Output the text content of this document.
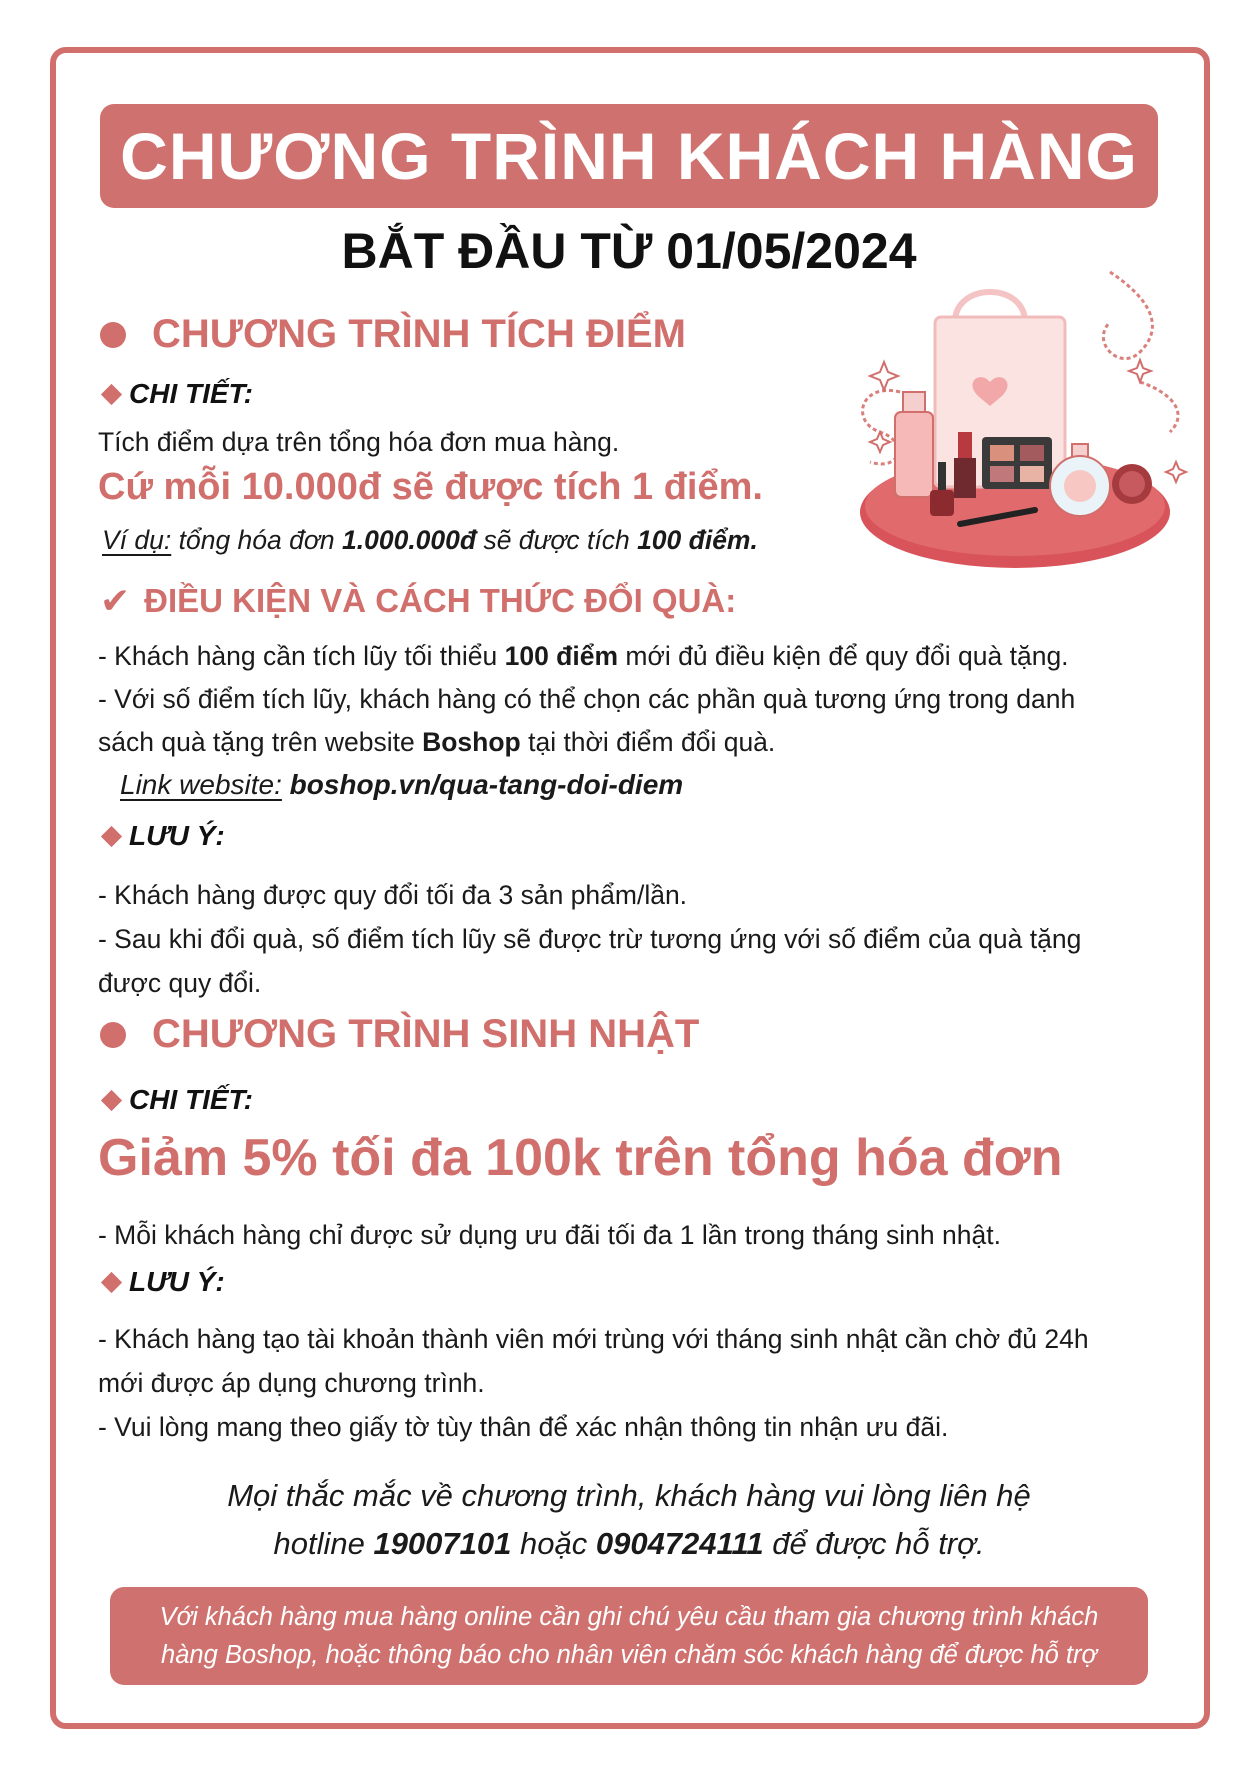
CHƯƠNG TRÌNH KHÁCH HÀNG
BẮT ĐẦU TỪ 01/05/2024
CHƯƠNG TRÌNH TÍCH ĐIỂM
CHI TIẾT:
Tích điểm dựa trên tổng hóa đơn mua hàng.
Cứ mỗi 10.000đ sẽ được tích 1 điểm.
Ví dụ: tổng hóa đơn 1.000.000đ sẽ được tích 100 điểm.
✔ ĐIỀU KIỆN VÀ CÁCH THỨC ĐỔI QUÀ:
- Khách hàng cần tích lũy tối thiểu 100 điểm mới đủ điều kiện để quy đổi quà tặng.
- Với số điểm tích lũy, khách hàng có thể chọn các phần quà tương ứng trong danh
sách quà tặng trên website Boshop tại thời điểm đổi quà.
Link website: boshop.vn/qua-tang-doi-diem
LƯU Ý:
- Khách hàng được quy đổi tối đa 3 sản phẩm/lần.
- Sau khi đổi quà, số điểm tích lũy sẽ được trừ tương ứng với số điểm của quà tặng
được quy đổi.
CHƯƠNG TRÌNH SINH NHẬT
CHI TIẾT:
Giảm 5% tối đa 100k trên tổng hóa đơn
- Mỗi khách hàng chỉ được sử dụng ưu đãi tối đa 1 lần trong tháng sinh nhật.
LƯU Ý:
- Khách hàng tạo tài khoản thành viên mới trùng với tháng sinh nhật cần chờ đủ 24h
mới được áp dụng chương trình.
- Vui lòng mang theo giấy tờ tùy thân để xác nhận thông tin nhận ưu đãi.
Mọi thắc mắc về chương trình, khách hàng vui lòng liên hệ
hotline 19007101 hoặc 0904724111 để được hỗ trợ.
Với khách hàng mua hàng online cần ghi chú yêu cầu tham gia chương trình khách
hàng Boshop, hoặc thông báo cho nhân viên chăm sóc khách hàng để được hỗ trợ
